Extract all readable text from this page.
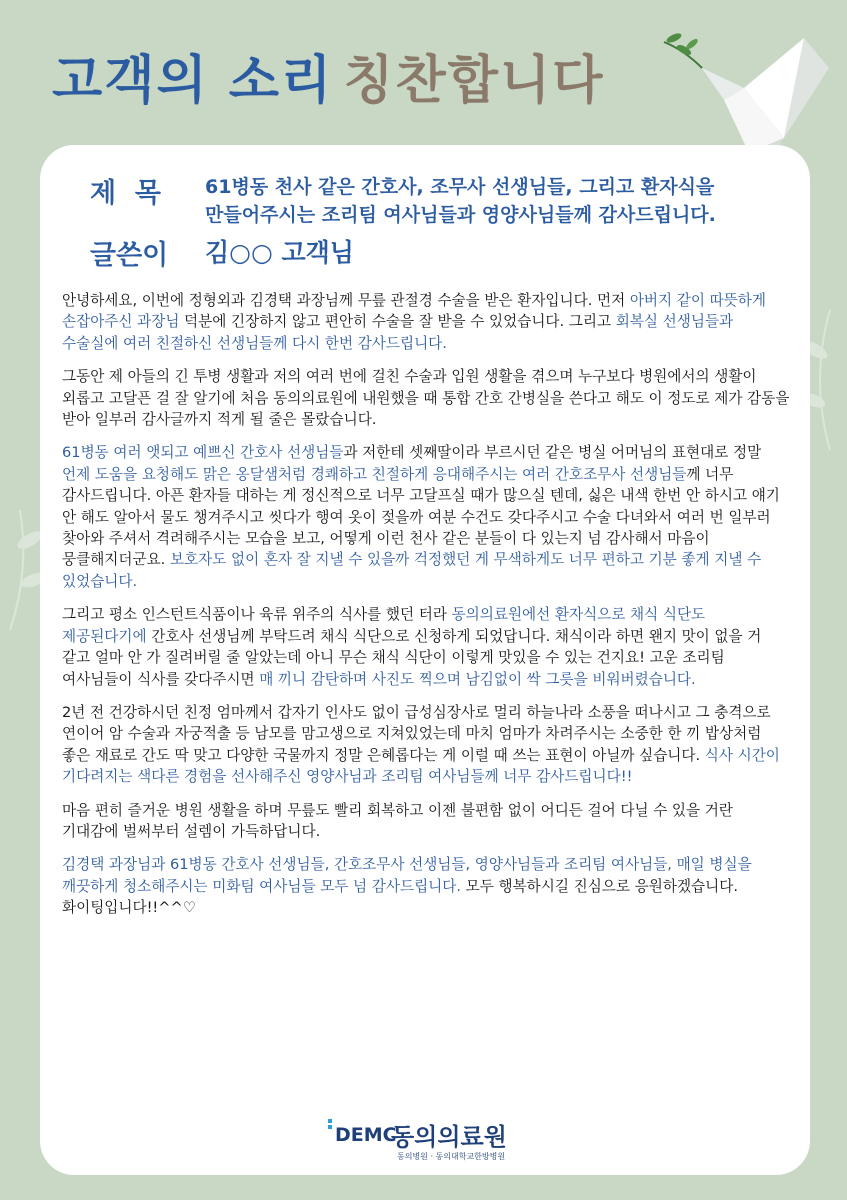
고객의 소리 칭찬합니다
제  목 61병동 천사 같은 간호사, 조무사 선생님들, 그리고 환자식을
만들어주시는 조리팀 여사님들과 영양사님들께 감사드립니다.
글쓴이 김○○ 고객님

안녕하세요, 이번에 정형외과 김경택 과장님께 무릎 관절경 수술을 받은 환자입니다. 먼저 아버지 같이 따뜻하게 손잡아주신 과장님 덕분에 긴장하지 않고 편안히 수술을 잘 받을 수 있었습니다. 그리고 회복실 선생님들과 수술실에 여러 친절하신 선생님들께 다시 한번 감사드립니다.

그동안 제 아들의 긴 투병 생활과 저의 여러 번에 걸친 수술과 입원 생활을 겪으며 누구보다 병원에서의 생활이 외롭고 고달픈 걸 잘 알기에 처음 동의의료원에 내원했을 때 통합 간호 간병실을 쓴다고 해도 이 정도로 제가 감동을 받아 일부러 감사글까지 적게 될 줄은 몰랐습니다.

61병동 여러 앳되고 예쁘신 간호사 선생님들과 저한테 셋째딸이라 부르시던 같은 병실 어머님의 표현대로 정말 언제 도움을 요청해도 맑은 옹달샘처럼 경쾌하고 친절하게 응대해주시는 여러 간호조무사 선생님들께 너무 감사드립니다. 아픈 환자들 대하는 게 정신적으로 너무 고달프실 때가 많으실 텐데, 싫은 내색 한번 안 하시고 얘기 안 해도 알아서 물도 챙겨주시고 씻다가 행여 옷이 젖을까 여분 수건도 갖다주시고 수술 다녀와서 여러 번 일부러 찾아와 주셔서 격려해주시는 모습을 보고, 어떻게 이런 천사 같은 분들이 다 있는지 넘 감사해서 마음이 뭉클해지더군요. 보호자도 없이 혼자 잘 지낼 수 있을까 걱정했던 게 무색하게도 너무 편하고 기분 좋게 지낼 수 있었습니다.

그리고 평소 인스턴트식품이나 육류 위주의 식사를 했던 터라 동의의료원에선 환자식으로 채식 식단도 제공된다기에 간호사 선생님께 부탁드려 채식 식단으로 신청하게 되었답니다. 채식이라 하면 왠지 맛이 없을 거 같고 얼마 안 가 질려버릴 줄 알았는데 아니 무슨 채식 식단이 이렇게 맛있을 수 있는 건지요! 고운 조리팀 여사님들이 식사를 갖다주시면 매 끼니 감탄하며 사진도 찍으며 남김없이 싹 그릇을 비워버렸습니다.

2년 전 건강하시던 친정 엄마께서 갑자기 인사도 없이 급성심장사로 멀리 하늘나라 소풍을 떠나시고 그 충격으로 연이어 암 수술과 자궁적출 등 남모를 맘고생으로 지쳐있었는데 마치 엄마가 차려주시는 소중한 한 끼 밥상처럼 좋은 재료로 간도 딱 맞고 다양한 국물까지 정말 은혜롭다는 게 이럴 때 쓰는 표현이 아닐까 싶습니다. 식사 시간이 기다려지는 색다른 경험을 선사해주신 영양사님과 조리팀 여사님들께 너무 감사드립니다!!

마음 편히 즐거운 병원 생활을 하며 무릎도 빨리 회복하고 이젠 불편함 없이 어디든 걸어 다닐 수 있을 거란 기대감에 벌써부터 설렘이 가득하답니다.

김경택 과장님과 61병동 간호사 선생님들, 간호조무사 선생님들, 영양사님들과 조리팀 여사님들, 매일 병실을 깨끗하게 청소해주시는 미화팀 여사님들 모두 넘 감사드립니다. 모두 행복하시길 진심으로 응원하겠습니다. 화이팅입니다!!^^♡

DEMC
동의의료원
동의병원 · 동의대학교한방병원
